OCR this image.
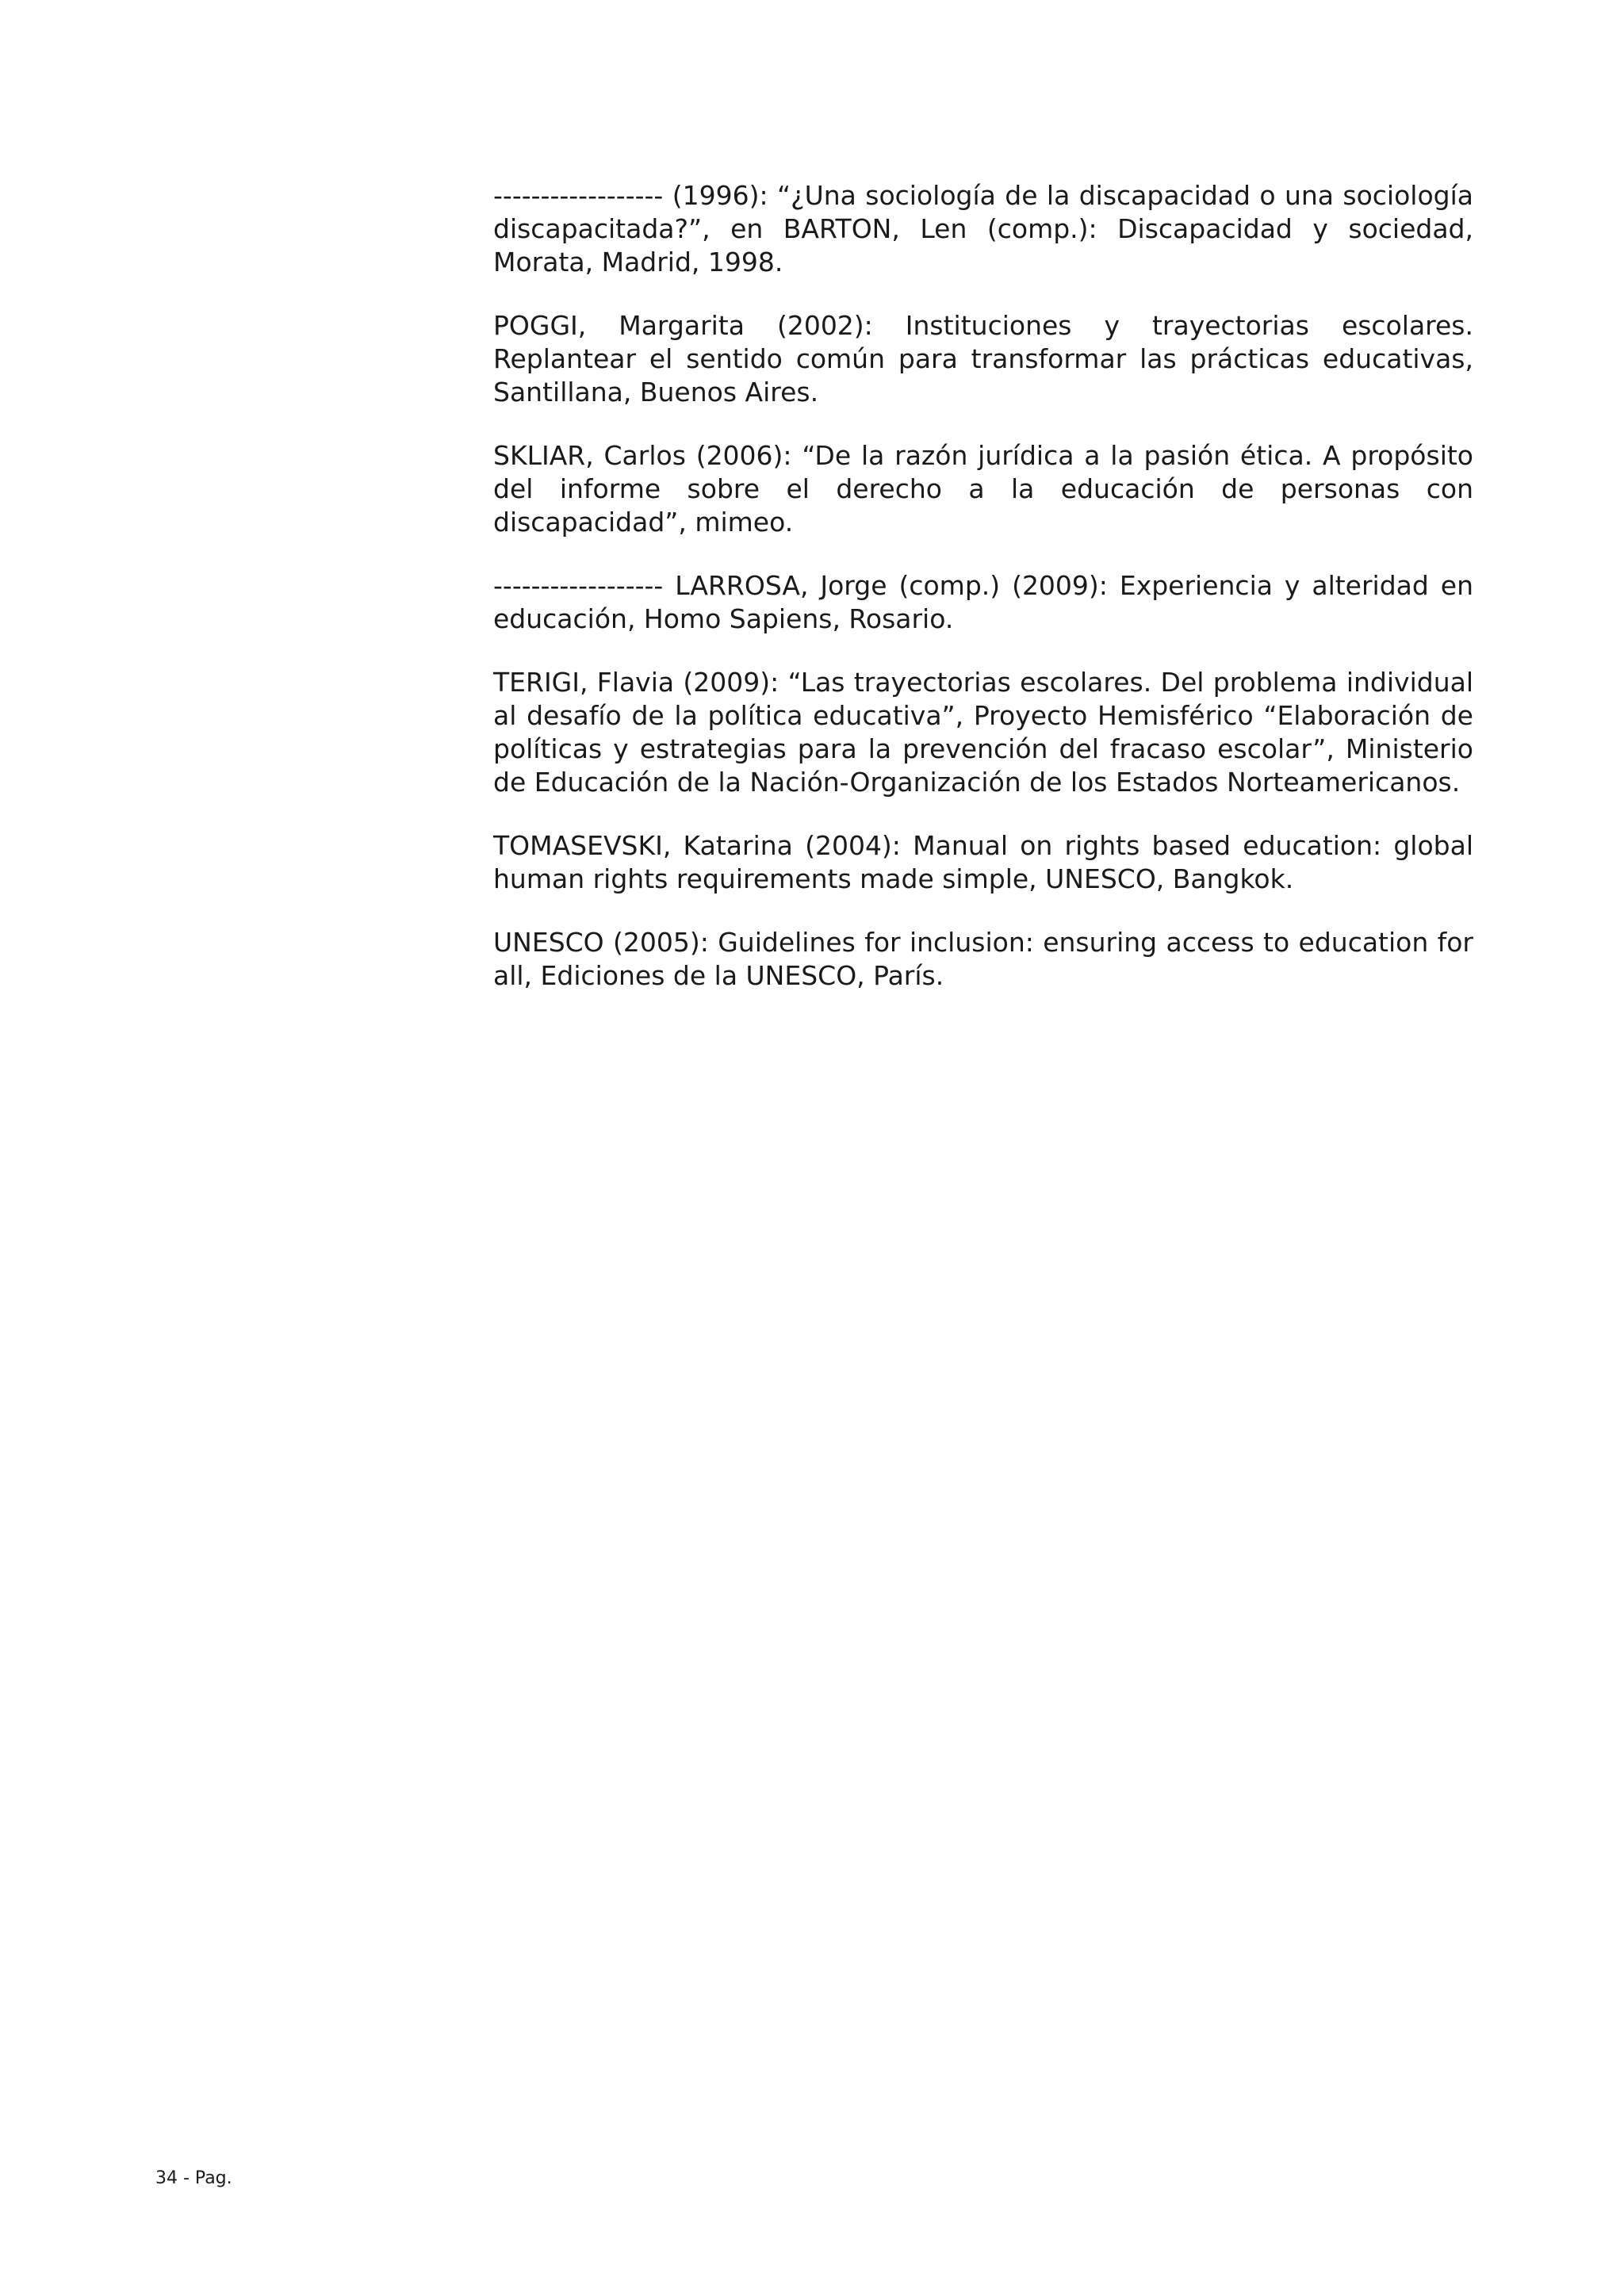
------------------ (1996): “¿Una sociología de la discapacidad o una sociología discapacitada?”, en BARTON, Len (comp.): Discapacidad y sociedad, Morata, Madrid, 1998.

POGGI, Margarita (2002): Instituciones y trayectorias escolares. Replantear el sentido común para transformar las prácticas educativas, Santillana, Buenos Aires.

SKLIAR, Carlos (2006): “De la razón jurídica a la pasión ética. A propósito del informe sobre el derecho a la educación de personas con discapacidad”, mimeo.

------------------ LARROSA, Jorge (comp.) (2009): Experiencia y alteridad en educación, Homo Sapiens, Rosario.

TERIGI, Flavia (2009): “Las trayectorias escolares. Del problema individual al desafío de la política educativa”, Proyecto Hemisférico “Elaboración de políticas y estrategias para la prevención del fracaso escolar”, Ministerio de Educación de la Nación-Organización de los Estados Norteamericanos.

TOMASEVSKI, Katarina (2004): Manual on rights based education: global human rights requirements made simple, UNESCO, Bangkok.

UNESCO (2005): Guidelines for inclusion: ensuring access to education for all, Ediciones de la UNESCO, París.

34 - Pag.
